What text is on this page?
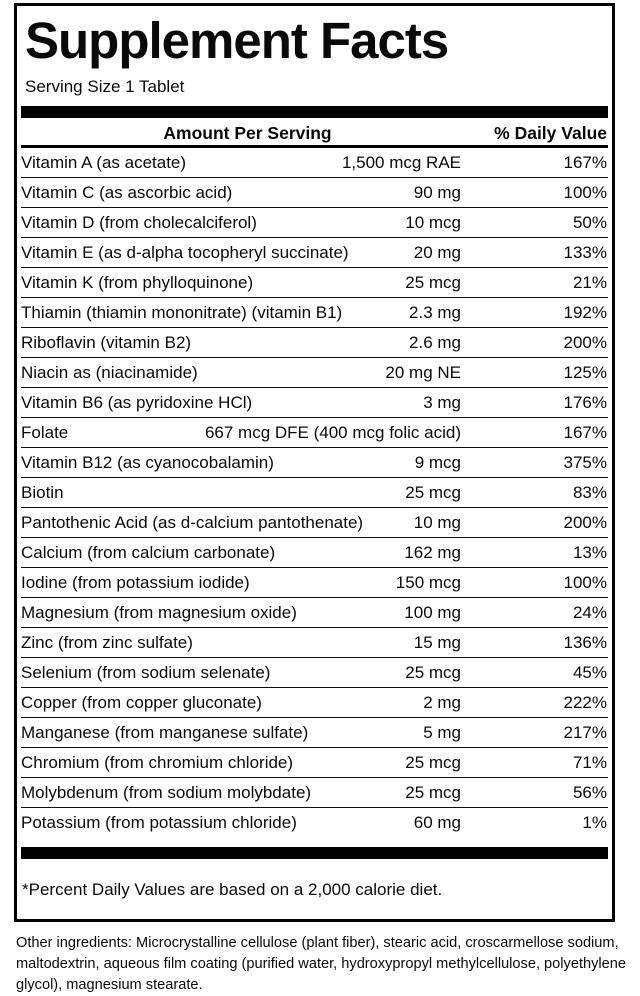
Supplement Facts
Serving Size 1 Tablet
Amount Per Serving	% Daily Value
Vitamin A (as acetate)	1,500 mcg RAE	167%
Vitamin C (as ascorbic acid)	90 mg	100%
Vitamin D (from cholecalciferol)	10 mcg	50%
Vitamin E (as d-alpha tocopheryl succinate)	20 mg	133%
Vitamin K (from phylloquinone)	25 mcg	21%
Thiamin (thiamin mononitrate) (vitamin B1)	2.3 mg	192%
Riboflavin (vitamin B2)	2.6 mg	200%
Niacin as (niacinamide)	20 mg NE	125%
Vitamin B6 (as pyridoxine HCl)	3 mg	176%
Folate	667 mcg DFE (400 mcg folic acid)	167%
Vitamin B12 (as cyanocobalamin)	9 mcg	375%
Biotin	25 mcg	83%
Pantothenic Acid (as d-calcium pantothenate)	10 mg	200%
Calcium (from calcium carbonate)	162 mg	13%
Iodine (from potassium iodide)	150 mcg	100%
Magnesium (from magnesium oxide)	100 mg	24%
Zinc (from zinc sulfate)	15 mg	136%
Selenium (from sodium selenate)	25 mcg	45%
Copper (from copper gluconate)	2 mg	222%
Manganese (from manganese sulfate)	5 mg	217%
Chromium (from chromium chloride)	25 mcg	71%
Molybdenum (from sodium molybdate)	25 mcg	56%
Potassium (from potassium chloride)	60 mg	1%
*Percent Daily Values are based on a 2,000 calorie diet.
Other ingredients: Microcrystalline cellulose (plant fiber), stearic acid, croscarmellose sodium, maltodextrin, aqueous film coating (purified water, hydroxypropyl methylcellulose, polyethylene glycol), magnesium stearate.
